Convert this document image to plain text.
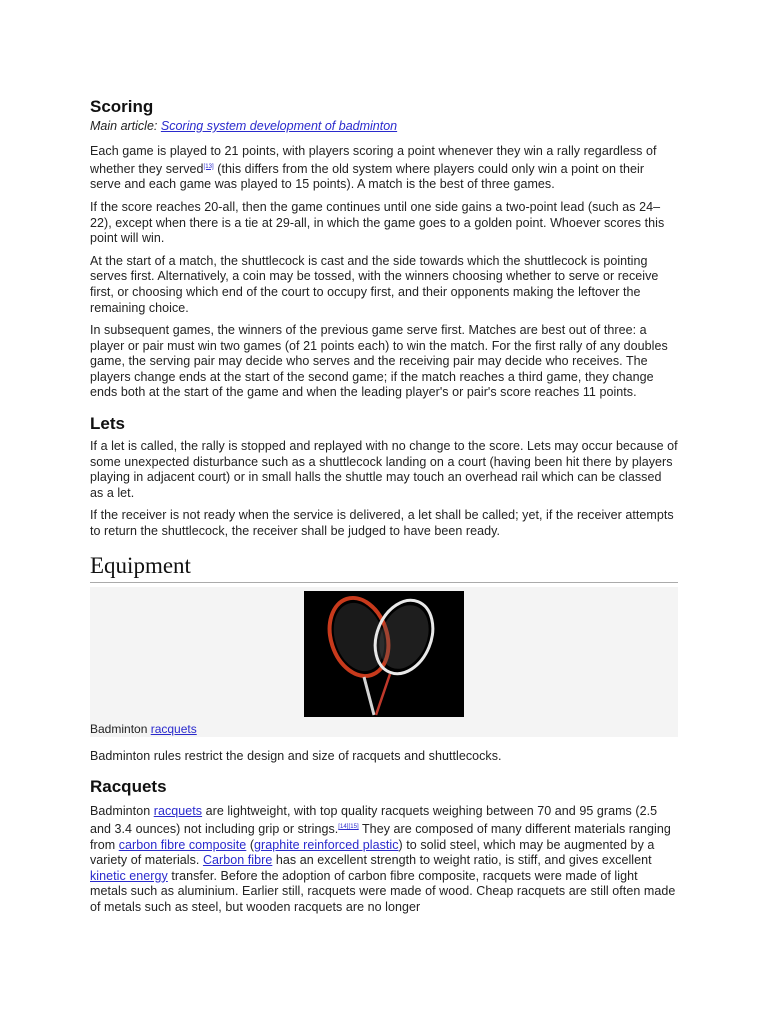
Scoring
Main article: Scoring system development of badminton

Each game is played to 21 points, with players scoring a point whenever they win a rally regardless of whether they served[13] (this differs from the old system where players could only win a point on their serve and each game was played to 15 points). A match is the best of three games.

If the score reaches 20-all, then the game continues until one side gains a two-point lead (such as 24–22), except when there is a tie at 29-all, in which the game goes to a golden point. Whoever scores this point will win.

At the start of a match, the shuttlecock is cast and the side towards which the shuttlecock is pointing serves first. Alternatively, a coin may be tossed, with the winners choosing whether to serve or receive first, or choosing which end of the court to occupy first, and their opponents making the leftover the remaining choice.

In subsequent games, the winners of the previous game serve first. Matches are best out of three: a player or pair must win two games (of 21 points each) to win the match. For the first rally of any doubles game, the serving pair may decide who serves and the receiving pair may decide who receives. The players change ends at the start of the second game; if the match reaches a third game, they change ends both at the start of the game and when the leading player's or pair's score reaches 11 points.

Lets

If a let is called, the rally is stopped and replayed with no change to the score. Lets may occur because of some unexpected disturbance such as a shuttlecock landing on a court (having been hit there by players playing in adjacent court) or in small halls the shuttle may touch an overhead rail which can be classed as a let.

If the receiver is not ready when the service is delivered, a let shall be called; yet, if the receiver attempts to return the shuttlecock, the receiver shall be judged to have been ready.

Equipment
Badminton racquets

Badminton rules restrict the design and size of racquets and shuttlecocks.

Racquets

Badminton racquets are lightweight, with top quality racquets weighing between 70 and 95 grams (2.5 and 3.4 ounces) not including grip or strings.[14][15] They are composed of many different materials ranging from carbon fibre composite (graphite reinforced plastic) to solid steel, which may be augmented by a variety of materials. Carbon fibre has an excellent strength to weight ratio, is stiff, and gives excellent kinetic energy transfer. Before the adoption of carbon fibre composite, racquets were made of light metals such as aluminium. Earlier still, racquets were made of wood. Cheap racquets are still often made of metals such as steel, but wooden racquets are no longer
